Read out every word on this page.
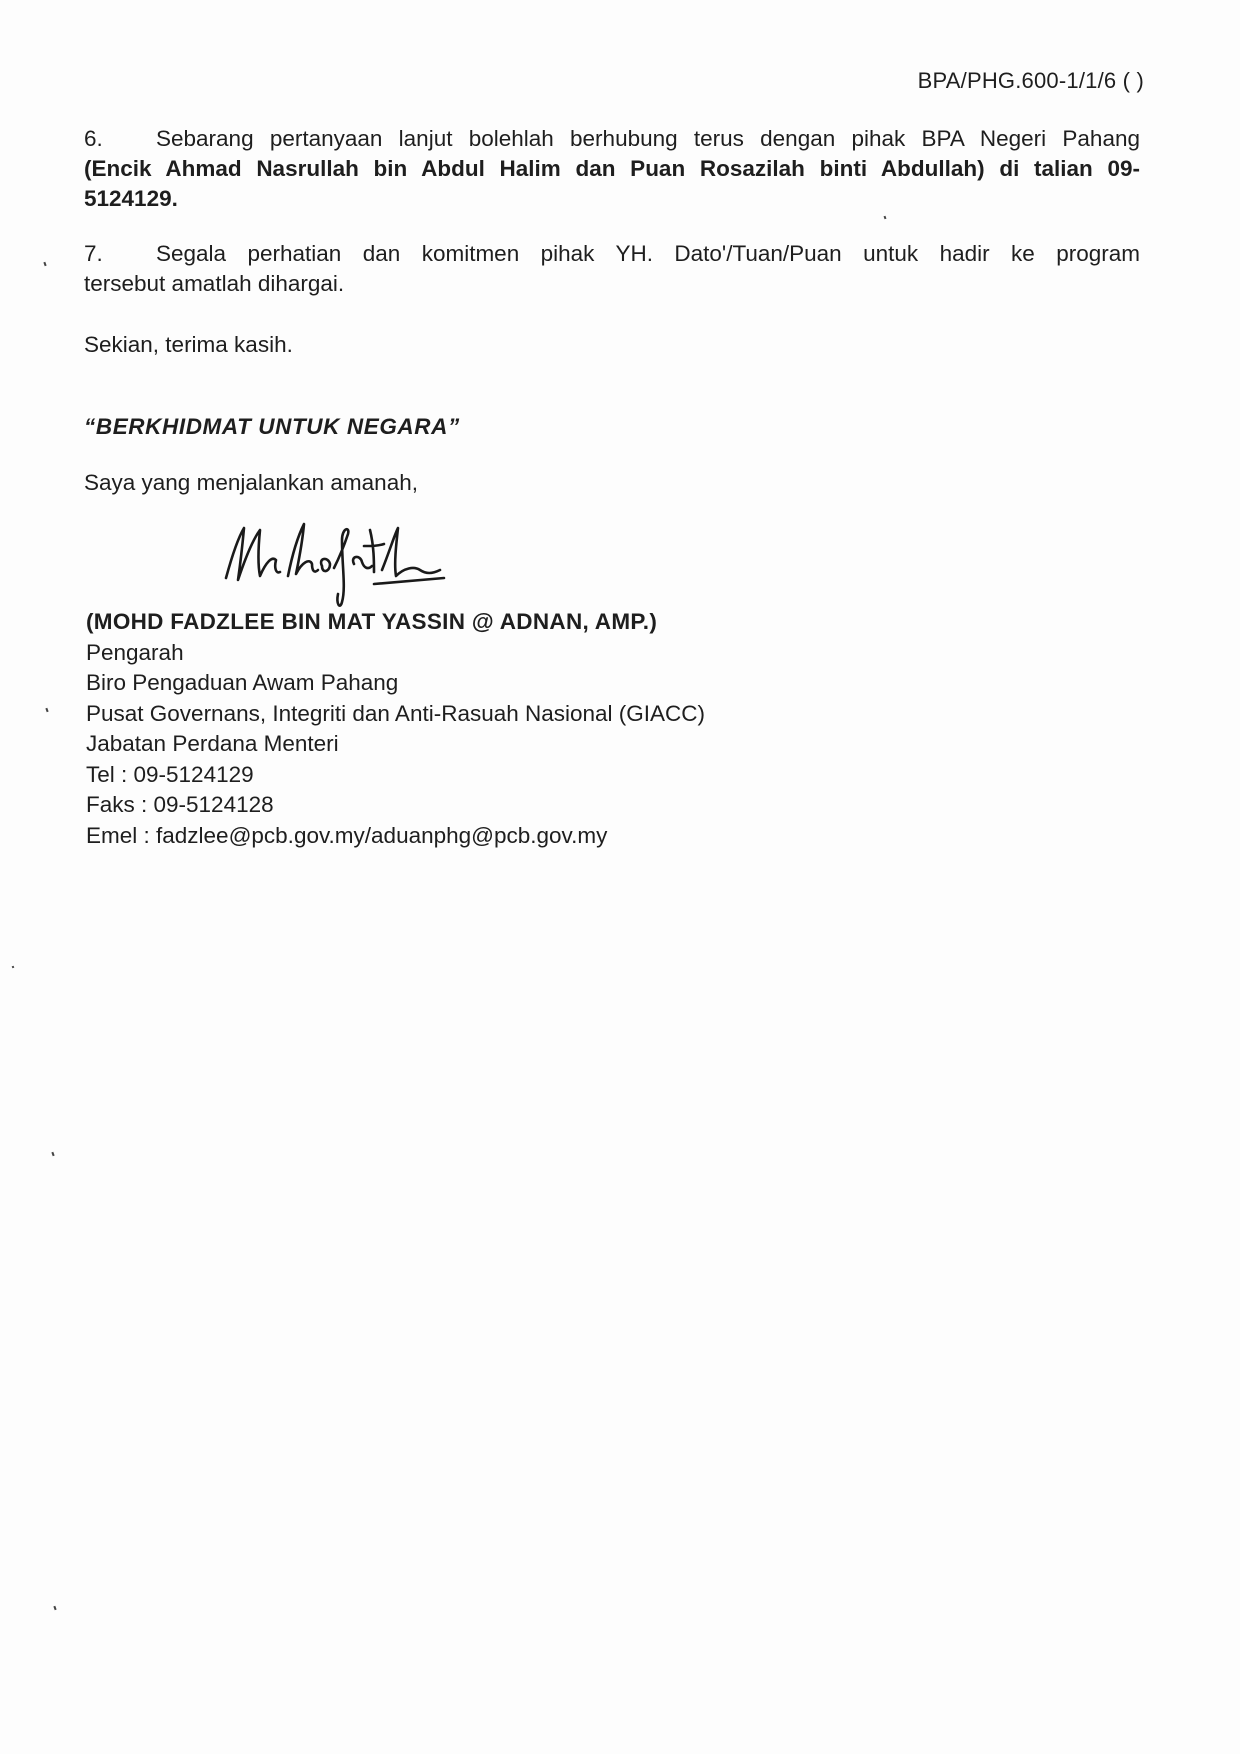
BPA/PHG.600-1/1/6 ( )
6. Sebarang pertanyaan lanjut bolehlah berhubung terus dengan pihak BPA Negeri Pahang
(Encik Ahmad Nasrullah bin Abdul Halim dan Puan Rosazilah binti Abdullah) di talian 09-
5124129.
7. Segala perhatian dan komitmen pihak YH. Dato'/Tuan/Puan untuk hadir ke program
tersebut amatlah dihargai.
Sekian, terima kasih.
“BERKHIDMAT UNTUK NEGARA”
Saya yang menjalankan amanah,
(MOHD FADZLEE BIN MAT YASSIN @ ADNAN, AMP.)
Pengarah
Biro Pengaduan Awam Pahang
Pusat Governans, Integriti dan Anti-Rasuah Nasional (GIACC)
Jabatan Perdana Menteri
Tel : 09-5124129
Faks : 09-5124128
Emel : fadzlee@pcb.gov.my/aduanphg@pcb.gov.my
